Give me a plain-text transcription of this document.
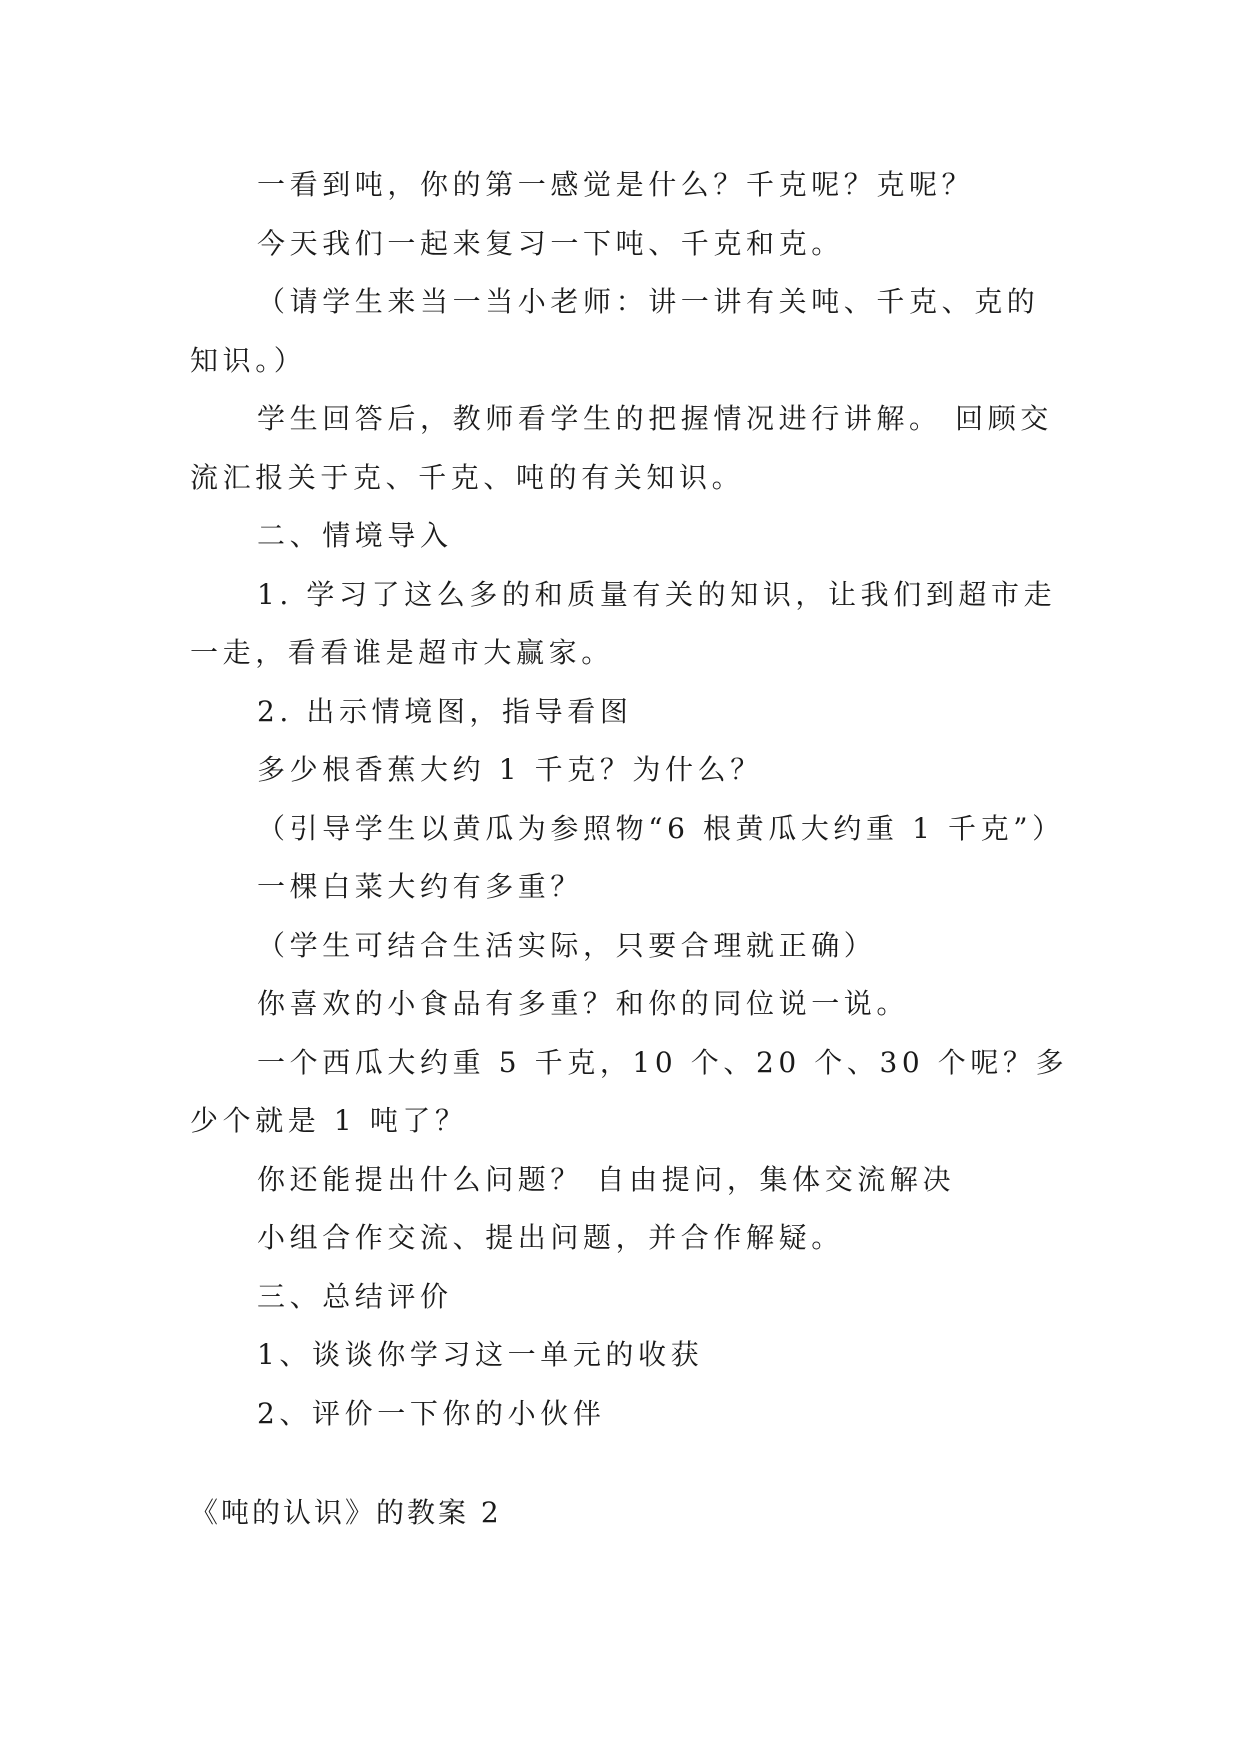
一看到吨，你的第一感觉是什么？千克呢？克呢？

今天我们一起来复习一下吨、千克和克。

（请学生来当一当小老师：讲一讲有关吨、千克、克的知识。）

学生回答后，教师看学生的把握情况进行讲解。 回顾交流汇报关于克、千克、吨的有关知识。

二、情境导入

1. 学习了这么多的和质量有关的知识，让我们到超市走一走，看看谁是超市大赢家。

2. 出示情境图，指导看图

多少根香蕉大约 1 千克？为什么？

（引导学生以黄瓜为参照物“6 根黄瓜大约重 1 千克”）

一棵白菜大约有多重？

（学生可结合生活实际，只要合理就正确）

你喜欢的小食品有多重？和你的同位说一说。

一个西瓜大约重 5 千克，10 个、20 个、30 个呢？多少个就是 1 吨了？

你还能提出什么问题？ 自由提问，集体交流解决

小组合作交流、提出问题，并合作解疑。

三、总结评价

1、谈谈你学习这一单元的收获

2、评价一下你的小伙伴

《吨的认识》的教案 2
